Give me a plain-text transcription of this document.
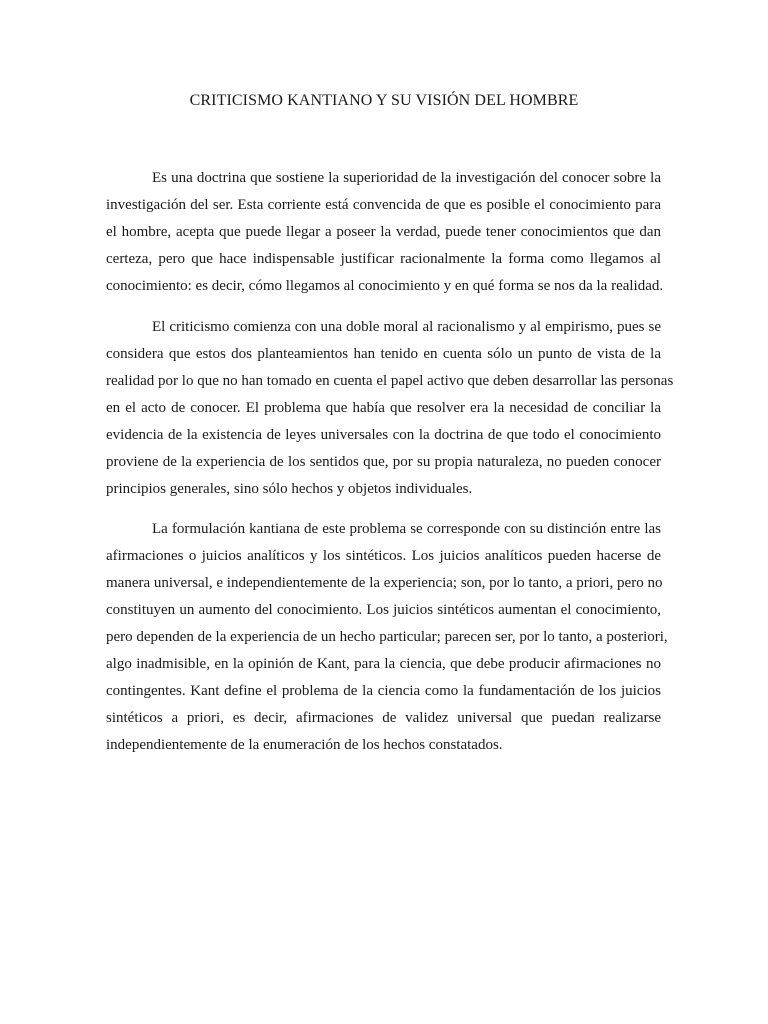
CRITICISMO KANTIANO Y SU VISIÓN DEL HOMBRE

Es una doctrina que sostiene la superioridad de la investigación del conocer sobre la
investigación del ser. Esta corriente está convencida de que es posible el conocimiento para
el hombre, acepta que puede llegar a poseer la verdad, puede tener conocimientos que dan
certeza, pero que hace indispensable justificar racionalmente la forma como llegamos al
conocimiento: es decir, cómo llegamos al conocimiento y en qué forma se nos da la realidad.

El criticismo comienza con una doble moral al racionalismo y al empirismo, pues se
considera que estos dos planteamientos han tenido en cuenta sólo un punto de vista de la
realidad por lo que no han tomado en cuenta el papel activo que deben desarrollar las personas
en el acto de conocer. El problema que había que resolver era la necesidad de conciliar la
evidencia de la existencia de leyes universales con la doctrina de que todo el conocimiento
proviene de la experiencia de los sentidos que, por su propia naturaleza, no pueden conocer
principios generales, sino sólo hechos y objetos individuales.

La formulación kantiana de este problema se corresponde con su distinción entre las
afirmaciones o juicios analíticos y los sintéticos. Los juicios analíticos pueden hacerse de
manera universal, e independientemente de la experiencia; son, por lo tanto, a priori, pero no
constituyen un aumento del conocimiento. Los juicios sintéticos aumentan el conocimiento,
pero dependen de la experiencia de un hecho particular; parecen ser, por lo tanto, a posteriori,
algo inadmisible, en la opinión de Kant, para la ciencia, que debe producir afirmaciones no
contingentes. Kant define el problema de la ciencia como la fundamentación de los juicios
sintéticos a priori, es decir, afirmaciones de validez universal que puedan realizarse
independientemente de la enumeración de los hechos constatados.
